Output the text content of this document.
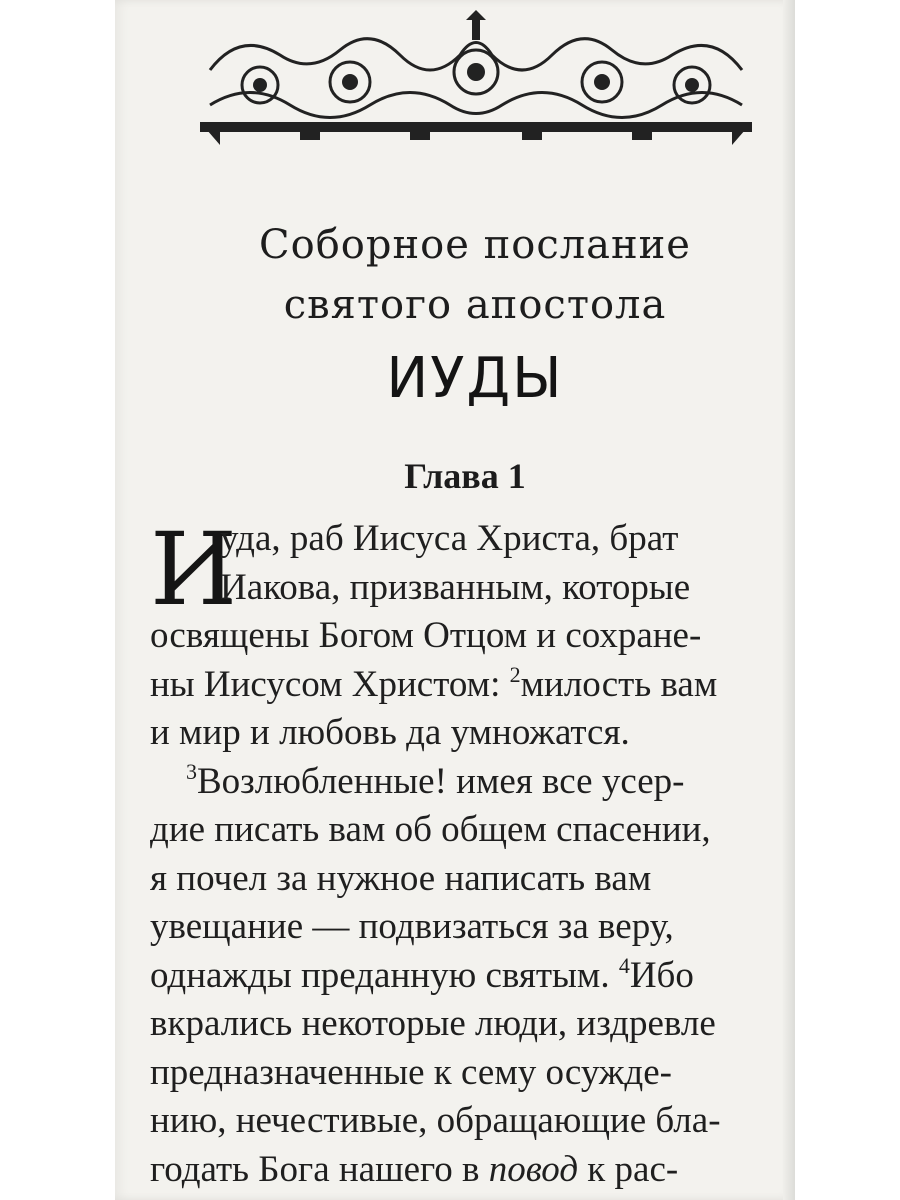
Соборное послание
святого апостола
ИУДЫ
Глава 1
И
уда, раб Иисуса Христа, брат
Иакова, призванным, которые
освящены Богом Отцом и сохране-
ны Иисусом Христом: $^2$милость вам
и мир и любовь да умножатся.
$^3$Возлюбленные! имея все усер-
дие писать вам об общем спасении,
я почел за нужное написать вам
увещание — подвизаться за веру,
однажды преданную святым. $^4$Ибо
вкрались некоторые люди, издревле
предназначенные к сему осужде-
нию, нечестивые, обращающие бла-
годать Бога нашего в повод к рас-
